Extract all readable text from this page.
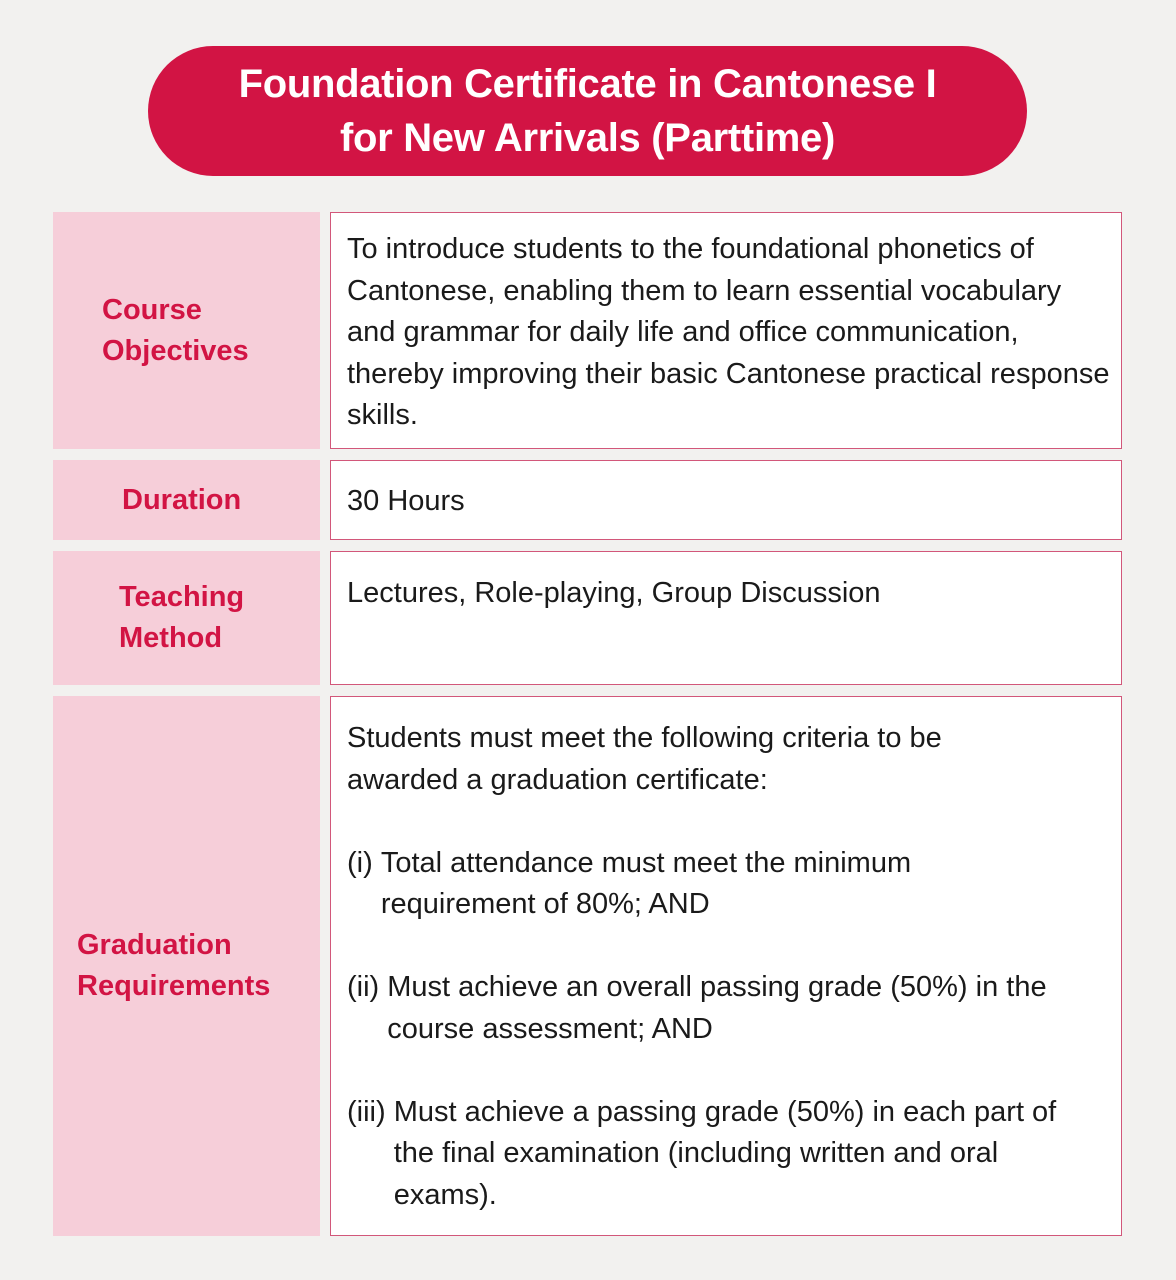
Foundation Certificate in Cantonese I
for New Arrivals (Parttime)
Course
Objectives
To introduce students to the foundational phonetics of Cantonese, enabling them to learn essential vocabulary and grammar for daily life and office communication, thereby improving their basic Cantonese practical response skills.
Duration	30 Hours
Teaching
Method
Lectures, Role-playing, Group Discussion
Graduation
Requirements
Students must meet the following criteria to be awarded a graduation certificate:
(i) Total attendance must meet the minimum requirement of 80%; AND
(ii) Must achieve an overall passing grade (50%) in the course assessment; AND
(iii) Must achieve a passing grade (50%) in each part of the final examination (including written and oral exams).
